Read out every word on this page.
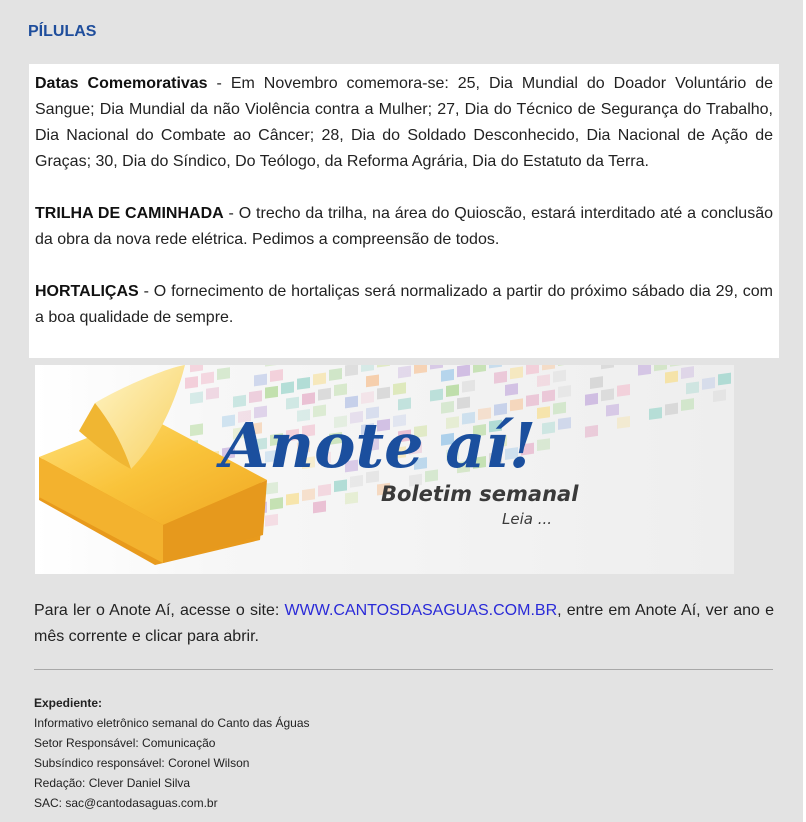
PÍLULAS

Datas Comemorativas - Em Novembro comemora-se: 25, Dia Mundial do Doador Voluntário de Sangue; Dia Mundial da não Violência contra a Mulher; 27, Dia do Técnico de Segurança do Trabalho, Dia Nacional do Combate ao Câncer; 28, Dia do Soldado Desconhecido, Dia Nacional de Ação de Graças; 30, Dia do Síndico, Do Teólogo, da Reforma Agrária, Dia do Estatuto da Terra.

TRILHA DE CAMINHADA - O trecho da trilha, na área do Quioscão, estará interditado até a conclusão da obra da nova rede elétrica. Pedimos a compreensão de todos.

HORTALIÇAS - O fornecimento de hortaliças será normalizado a partir do próximo sábado dia 29, com a boa qualidade de sempre.

Anote aí!
Boletim semanal
Leia ...

Para ler o Anote Aí, acesse o site: WWW.CANTOSDASAGUAS.COM.BR, entre em Anote Aí, ver ano e mês corrente e clicar para abrir.

Expediente:
Informativo eletrônico semanal do Canto das Águas
Setor Responsável: Comunicação
Subsíndico responsável: Coronel Wilson
Redação: Clever Daniel Silva
SAC: sac@cantodasaguas.com.br
